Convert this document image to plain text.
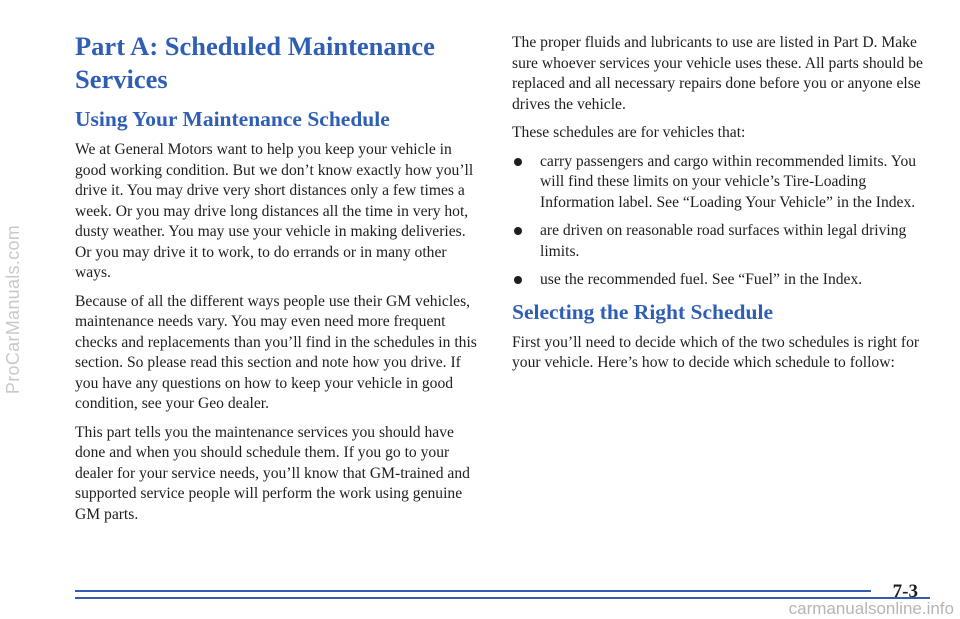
ProCarManuals.com
Part A: Scheduled Maintenance Services
Using Your Maintenance Schedule

We at General Motors want to help you keep your vehicle in good working condition. But we don’t know exactly how you’ll drive it. You may drive very short distances only a few times a week. Or you may drive long distances all the time in very hot, dusty weather. You may use your vehicle in making deliveries. Or you may drive it to work, to do errands or in many other ways.

Because of all the different ways people use their GM vehicles, maintenance needs vary. You may even need more frequent checks and replacements than you’ll find in the schedules in this section. So please read this section and note how you drive. If you have any questions on how to keep your vehicle in good condition, see your Geo dealer.

This part tells you the maintenance services you should have done and when you should schedule them. If you go to your dealer for your service needs, you’ll know that GM-trained and supported service people will perform the work using genuine GM parts.

The proper fluids and lubricants to use are listed in Part D. Make sure whoever services your vehicle uses these. All parts should be replaced and all necessary repairs done before you or anyone else drives the vehicle.

These schedules are for vehicles that:

carry passengers and cargo within recommended limits. You will find these limits on your vehicle’s Tire-Loading Information label. See “Loading Your Vehicle” in the Index.
are driven on reasonable road surfaces within legal driving limits.
use the recommended fuel. See “Fuel” in the Index.
Selecting the Right Schedule

First you’ll need to decide which of the two schedules is right for your vehicle. Here’s how to decide which schedule to follow:

7-3
carmanualsonline.info
